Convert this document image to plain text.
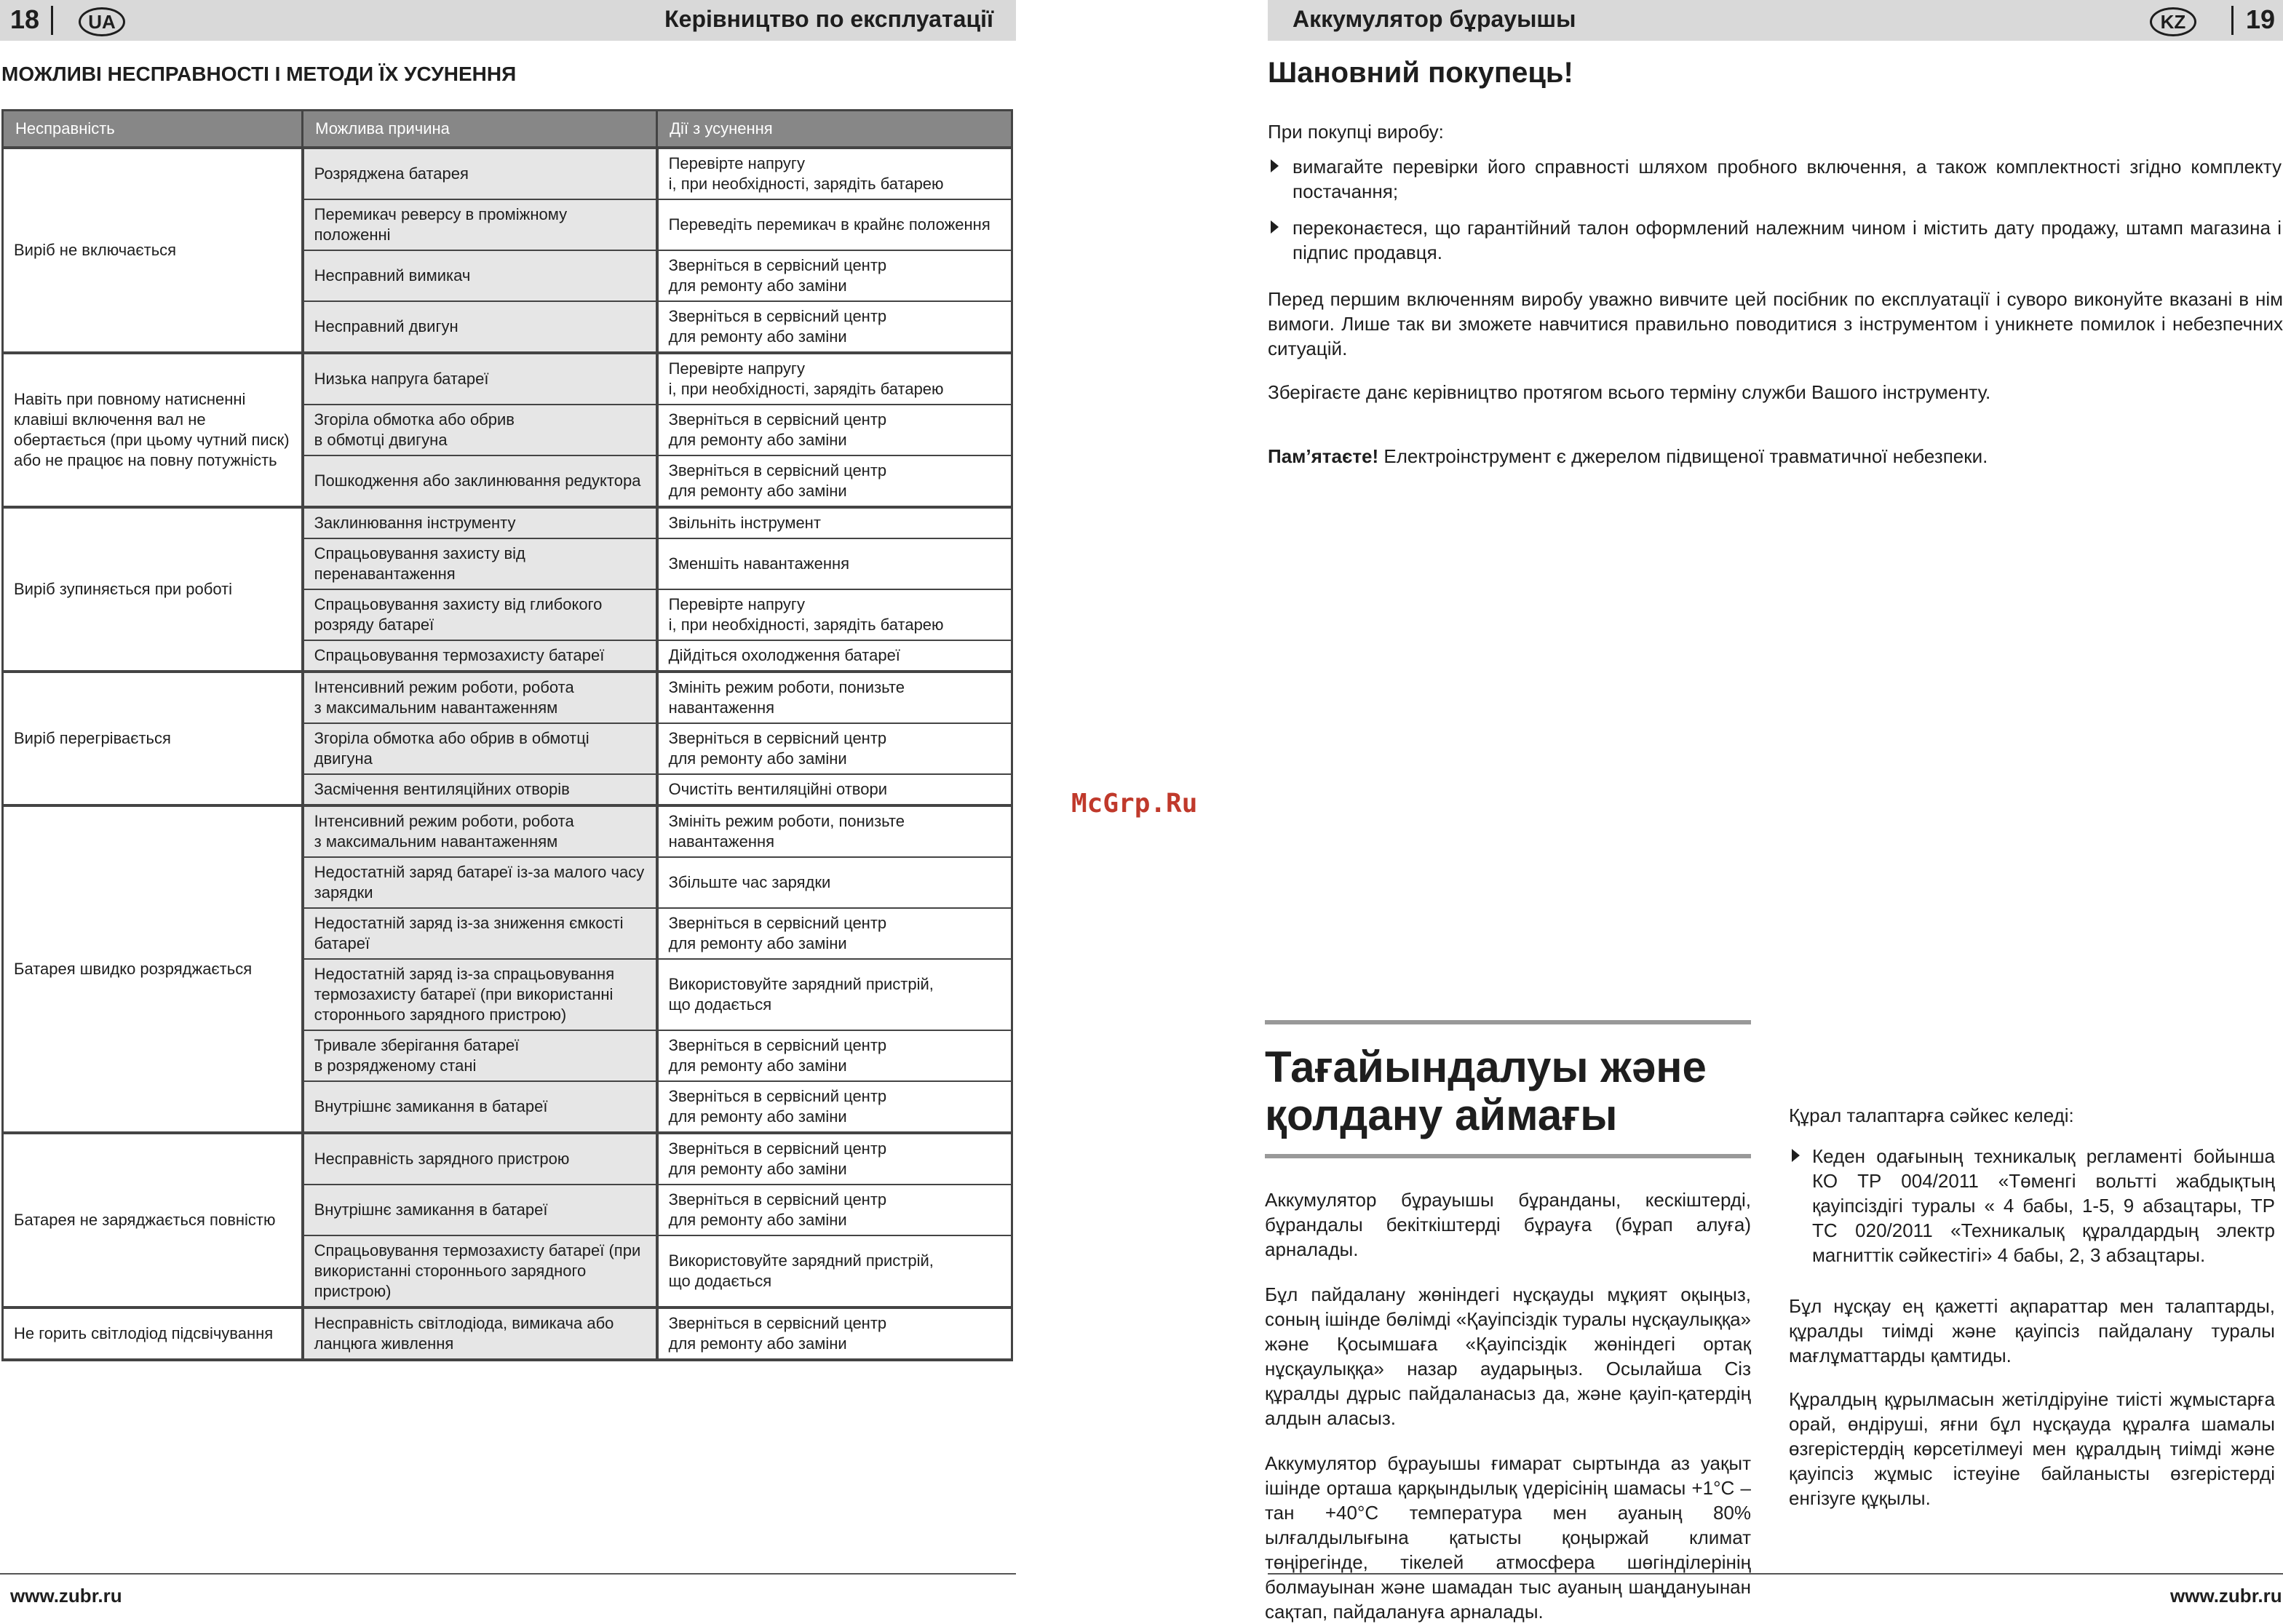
18	UA	Керівництво по експлуатації
МОЖЛИВІ НЕСПРАВНОСТІ І МЕТОДИ ЇХ УСУНЕННЯ
Несправність	Можлива причина	Дії з усунення
Виріб не включається	Розряджена батарея	Перевірте напругу
і, при необхідності, зарядіть батарею
	Перемикач реверсу в проміжному положенні	Переведіть перемикач в крайнє положення
	Несправний вимикач	Зверніться в сервісний центр
для ремонту або заміни
	Несправний двигун	Зверніться в сервісний центр
для ремонту або заміни
Навіть при повному натисненні клавіші включення вал не обертається (при цьому чутний писк) або не працює на повну потужність	Низька напруга батареї	Перевірте напругу
і, при необхідності, зарядіть батарею
	Згоріла обмотка або обрив
в обмотці двигуна	Зверніться в сервісний центр
для ремонту або заміни
	Пошкодження або заклинювання редуктора	Зверніться в сервісний центр
для ремонту або заміни
Виріб зупиняється при роботі	Заклинювання інструменту	Звільніть інструмент
	Спрацьовування захисту від перенавантаження	Зменшіть навантаження
	Спрацьовування захисту від глибокого розряду батареї	Перевірте напругу
і, при необхідності, зарядіть батарею
	Спрацьовування термозахисту батареї	Дійдіться охолодження батареї
Виріб перегрівається	Інтенсивний режим роботи, робота
з максимальним навантаженням	Змініть режим роботи, понизьте навантаження
	Згоріла обмотка або обрив в обмотці двигуна	Зверніться в сервісний центр
для ремонту або заміни
	Засмічення вентиляційних отворів	Очистіть вентиляційні отвори
Батарея швидко розряджається	Інтенсивний режим роботи, робота
з максимальним навантаженням	Змініть режим роботи, понизьте навантаження
	Недостатній заряд батареї із-за малого часу зарядки	Збільште час зарядки
	Недостатній заряд із-за зниження ємкості батареї	Зверніться в сервісний центр
для ремонту або заміни
	Недостатній заряд із-за спрацьовування термозахисту батареї (при використанні стороннього зарядного пристрою)	Використовуйте зарядний пристрій,
що додається
	Тривале зберігання батареї
в розрядженому стані	Зверніться в сервісний центр
для ремонту або заміни
	Внутрішнє замикання в батареї	Зверніться в сервісний центр
для ремонту або заміни
Батарея не заряджається повністю	Несправність зарядного пристрою	Зверніться в сервісний центр
для ремонту або заміни
	Внутрішнє замикання в батареї	Зверніться в сервісний центр
для ремонту або заміни
	Спрацьовування термозахисту батареї (при використанні стороннього зарядного пристрою)	Використовуйте зарядний пристрій,
що додається
Не горить світлодіод підсвічування	Несправність світлодіода, вимикача або ланцюга живлення	Зверніться в сервісний центр
для ремонту або заміни
www.zubr.ru
McGrp.Ru
Аккумулятор бұрауышы	KZ	19
Шановний покупець!
При покупці виробу:
вимагайте перевірки його справності шляхом пробного включення, а також комплектності згідно комплекту постачання;
переконаєтеся, що гарантійний талон оформлений належним чином і містить дату продажу, штамп магазина і підпис продавця.
Перед першим включенням виробу уважно вивчите цей посібник по експлуатації і суворо виконуйте вказані в нім вимоги. Лише так ви зможете навчитися правильно поводитися з інструментом і уникнете помилок і небезпечних ситуацій.
Зберігаєте данє керівництво протягом всього терміну служби Вашого інструменту.
Пам’ятаєте! Електроінструмент є джерелом підвищеної травматичної небезпеки.
Тағайындалуы және қолдану аймағы
Аккумулятор бұрауышы бұранданы, кескіштерді, бұрандалы бекіткіштерді бұрауға (бұрап алуға) арналады.
Бұл пайдалану жөніндегі нұсқауды мұқият оқыңыз, соның ішінде бөлімді «Қауіпсіздік туралы нұсқаулыққа» және Қосымшаға «Қауіпсіздік жөніндегі ортақ нұсқаулыққа» назар аударыңыз. Осылайша Сіз құралды дұрыс пайдаланасыз да, және қауіп-қатердің алдын аласыз.
Аккумулятор бұрауышы ғимарат сыртында аз уақыт ішінде орташа қарқындылық үдерісінің шамасы +1°С –тан +40°С температура мен ауаның 80% ылғалдылығына қатысты қоңыржай климат төңірегінде, тікелей атмосфера шөгінділерінің болмауынан және шамадан тыс ауаның шаңдануынан сақтап, пайдалануға арналады.
Құрал талаптарға сәйкес келеді:
Кеден одағының техникалық регламенті бойынша КО ТР 004/2011 «Төменгі вольтті жабдықтың қауіпсіздігі туралы « 4 бабы, 1-5, 9 абзацтары, ТР ТС 020/2011 «Техникалық құралдардың электр магниттік сәйкестігі» 4 бабы, 2, 3 абзацтары.
Бұл нұсқау ең қажетті ақпараттар мен талаптарды, құралды тиімді және қауіпсіз пайдалану туралы мағлұматтарды қамтиды.
Құралдың құрылмасын жетілдіруіне тиісті жұмыстарға орай, өндіруші, яғни бұл нұсқауда құралға шамалы өзгерістердің көрсетілмеуі мен құралдың тиімді және қауіпсіз жұмыс істеуіне байланысты өзгерістерді енгізуге құқылы.
www.zubr.ru
